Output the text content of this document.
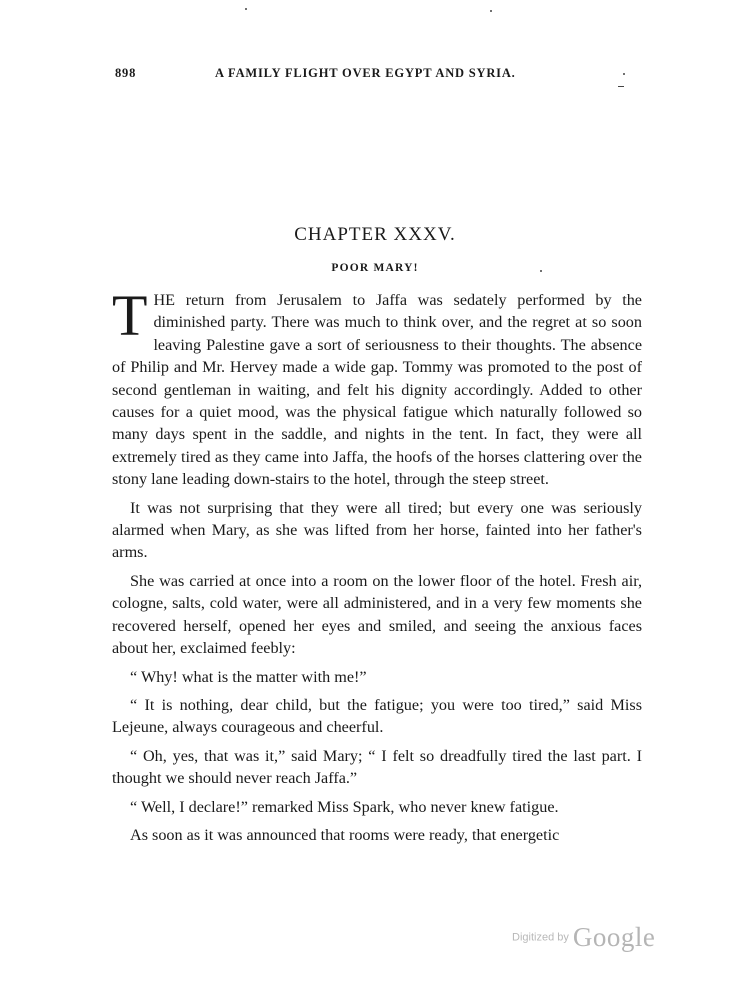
898	A FAMILY FLIGHT OVER EGYPT AND SYRIA.
CHAPTER XXXV.
POOR MARY!

THE return from Jerusalem to Jaffa was sedately performed by the diminished party. There was much to think over, and the regret at so soon leaving Palestine gave a sort of seriousness to their thoughts. The absence of Philip and Mr. Hervey made a wide gap. Tommy was promoted to the post of second gentleman in waiting, and felt his dignity accordingly. Added to other causes for a quiet mood, was the physical fatigue which naturally followed so many days spent in the saddle, and nights in the tent. In fact, they were all extremely tired as they came into Jaffa, the hoofs of the horses clattering over the stony lane leading down-stairs to the hotel, through the steep street.

It was not surprising that they were all tired; but every one was seriously alarmed when Mary, as she was lifted from her horse, fainted into her father's arms.

She was carried at once into a room on the lower floor of the hotel. Fresh air, cologne, salts, cold water, were all administered, and in a very few moments she recovered herself, opened her eyes and smiled, and seeing the anxious faces about her, exclaimed feebly:

“ Why! what is the matter with me!”

“ It is nothing, dear child, but the fatigue; you were too tired,” said Miss Lejeune, always courageous and cheerful.

“ Oh, yes, that was it,” said Mary; “ I felt so dreadfully tired the last part. I thought we should never reach Jaffa.”

“ Well, I declare!” remarked Miss Spark, who never knew fatigue.

As soon as it was announced that rooms were ready, that energetic

Digitized by Google
